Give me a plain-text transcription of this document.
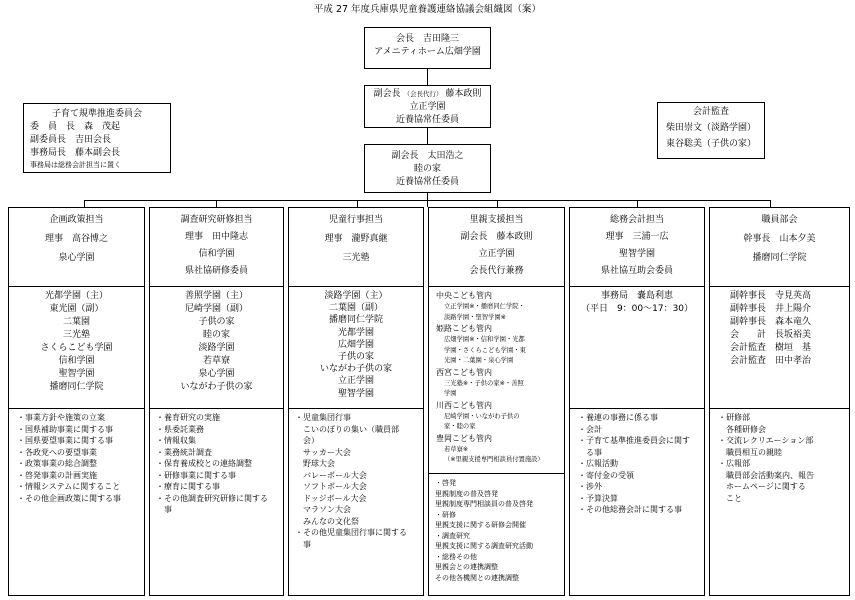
平成 27 年度兵庫県児童養護連絡協議会組織図（案）
会長　吉田隆三
アメニティホーム広畑学園
副会長 （会長代行） 藤本政則
立正学園
近養協常任委員
副会長　太田浩之
睦の家
近養協常任委員
子育て規準推進委員会
委　員　長　森　茂起
副委員長　吉田会長
事務局長　藤本副会長
事務局は総務会計担当に置く
会計監査
柴田崇文（淡路学園）
東谷聡美（子供の家）
企画政策担当
理事　高谷博之
泉心学園
光都学園（主）
東光園（副）
二葉園
三光塾
さくらこども学園
信和学園
聖智学園
播磨同仁学院
・事業方針や施策の立案
・国県補助事業に関する事
・国県要望事業に関する事
・各政党への要望事業
・政策事業の総合調整
・啓発事業の計画実施
・情報システムに関すること
・その他企画政策に関する事
調査研究研修担当
理事　田中隆志
信和学園
県社協研修委員
善照学園（主）
尼崎学園（副）
子供の家
睦の家
淡路学園
若草寮
泉心学園
いながわ子供の家
・養育研究の実施
・県委託業務
・情報収集
・業務統計調査
・保育養成校との連絡調整
・研修事業に関する事
・療育に関する事
・その他調査研究研修に関する
　事
児童行事担当
理事　瀧野真継
三光塾
淡路学園（主）
二葉園（副）
播磨同仁学院
光都学園
広畑学園
子供の家
いながわ子供の家
立正学園
聖智学園
・児童集団行事
　こいのぼりの集い（職員部
　会）
　サッカー大会
　野球大会
　バレーボール大会
　ソフトボール大会
　ドッジボール大会
　マラソン大会
　みんなの文化祭
・その他児童集団行事に関する
　事
里親支援担当
副会長　藤本政則
立正学園
会長代行兼務
中央こども管内
立正学園※・播磨同仁学院・
淡路学園・聖智学園※
姫路こども管内
広畑学園※・信和学園・光都
学園・さくらこども学園・東
光園・二葉園・泉心学園
西宮こども管内
三光塾※・子供の家※・善照
学園
川西こども管内
尼崎学園・いながわ子供の
家・睦の家
豊岡こども管内
若草寮※
（※里親支援専門相談員付置施設）
・啓発
里親制度の普及啓発
里親制度専門相談員の普及啓発
・研修
里親支援に関する研修会開催
・調査研究
里親支援に関する調査研究活動
・総務その他
里親会との連携調整
その他各機関との連携調整
総務会計担当
理事　三浦一広
聖智学園
県社協互助会委員
事務局　嚢島利恵
（平日　9：00～17：30）
・養連の事務に係る事
・会計
・子育て基準推進委員会に関す
　る事
・広報活動
・寄付金の受領
・渉外
・予算決算
・その他総務会計に関する事
職員部会
幹事長　山本夕美
播磨同仁学院
副幹事長　寺見英高
副幹事長　井上陽介
副幹事長　森本竜久
会　　計　長坂裕美
会計監査　樹垣　基
会計監査　田中孝治
・研修部
　各種研修会
・交流レクリエーション部
　職員相互の親睦
・広報部
　職員部会活動案内、報告
　ホームページに関する
　こと
